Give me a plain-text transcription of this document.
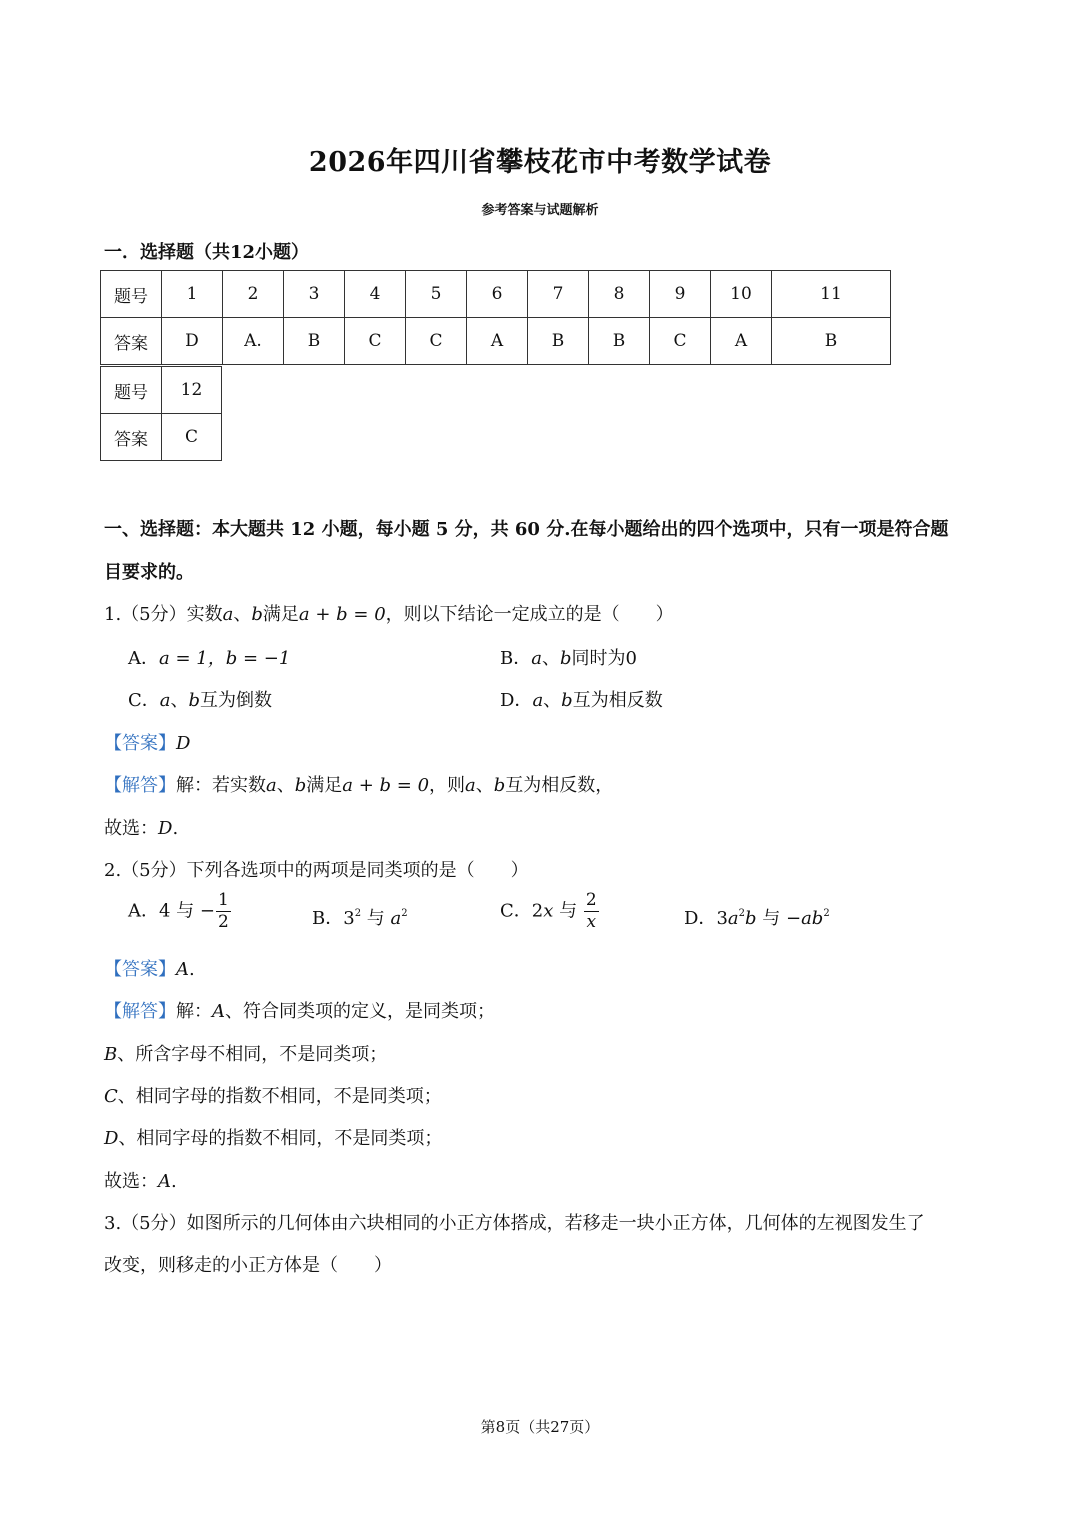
2026年四川省攀枝花市中考数学试卷
参考答案与试题解析
一．选择题（共12小题）
题号	1	2	3	4	5	6	7	8	9	10	11
答案	D	A.	B	C	C	A	B	B	C	A	B
题号	12
答案	C
一、选择题：本大题共 12 小题，每小题 5 分，共 60 分.在每小题给出的四个选项中，只有一项是符合题
目要求的。
1.（5分）实数a、b满足a + b = 0，则以下结论一定成立的是（　　）
A．a = 1，b = −1	B．a、b同时为0
C．a、b互为倒数	D．a、b互为相反数
【答案】D
【解答】解：若实数a、b满足a + b = 0，则a、b互为相反数，
故选：D.
2.（5分）下列各选项中的两项是同类项的是（　　）
A．4 与 − $\frac{1}{2}$	B．$3^2$ 与 $a^2$	C．2x 与 $\frac{2}{x}$	D．$3a^2b$ 与 $-ab^2$
【答案】A.
【解答】解：A、符合同类项的定义，是同类项；
B、所含字母不相同，不是同类项；
C、相同字母的指数不相同，不是同类项；
D、相同字母的指数不相同，不是同类项；
故选：A.
3.（5分）如图所示的几何体由六块相同的小正方体搭成，若移走一块小正方体，几何体的左视图发生了
改变，则移走的小正方体是（　　）
第8页（共27页）
